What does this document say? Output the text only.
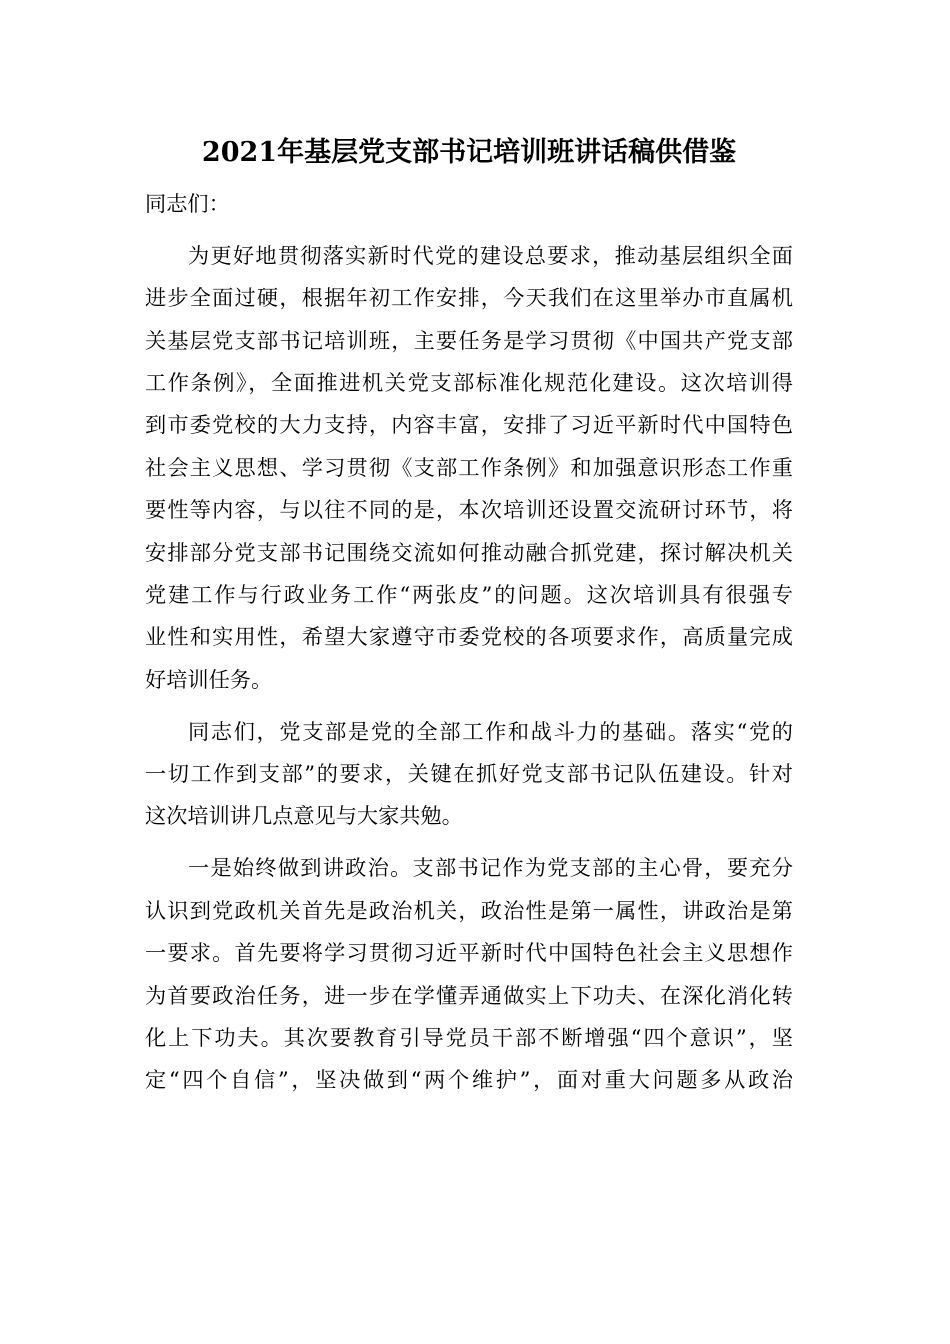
2021年基层党支部书记培训班讲话稿供借鉴
同志们：
为更好地贯彻落实新时代党的建设总要求，推动基层组织全面
进步全面过硬，根据年初工作安排，今天我们在这里举办市直属机
关基层党支部书记培训班，主要任务是学习贯彻《中国共产党支部
工作条例》，全面推进机关党支部标准化规范化建设。这次培训得
到市委党校的大力支持，内容丰富，安排了习近平新时代中国特色
社会主义思想、学习贯彻《支部工作条例》和加强意识形态工作重
要性等内容，与以往不同的是，本次培训还设置交流研讨环节，将
安排部分党支部书记围绕交流如何推动融合抓党建，探讨解决机关
党建工作与行政业务工作“两张皮”的问题。这次培训具有很强专
业性和实用性，希望大家遵守市委党校的各项要求作，高质量完成
好培训任务。
同志们，党支部是党的全部工作和战斗力的基础。落实“党的
一切工作到支部”的要求，关键在抓好党支部书记队伍建设。针对
这次培训讲几点意见与大家共勉。
一是始终做到讲政治。支部书记作为党支部的主心骨，要充分
认识到党政机关首先是政治机关，政治性是第一属性，讲政治是第
一要求。首先要将学习贯彻习近平新时代中国特色社会主义思想作
为首要政治任务，进一步在学懂弄通做实上下功夫、在深化消化转
化上下功夫。其次要教育引导党员干部不断增强“四个意识”，坚
定“四个自信”，坚决做到“两个维护”，面对重大问题多从政治
